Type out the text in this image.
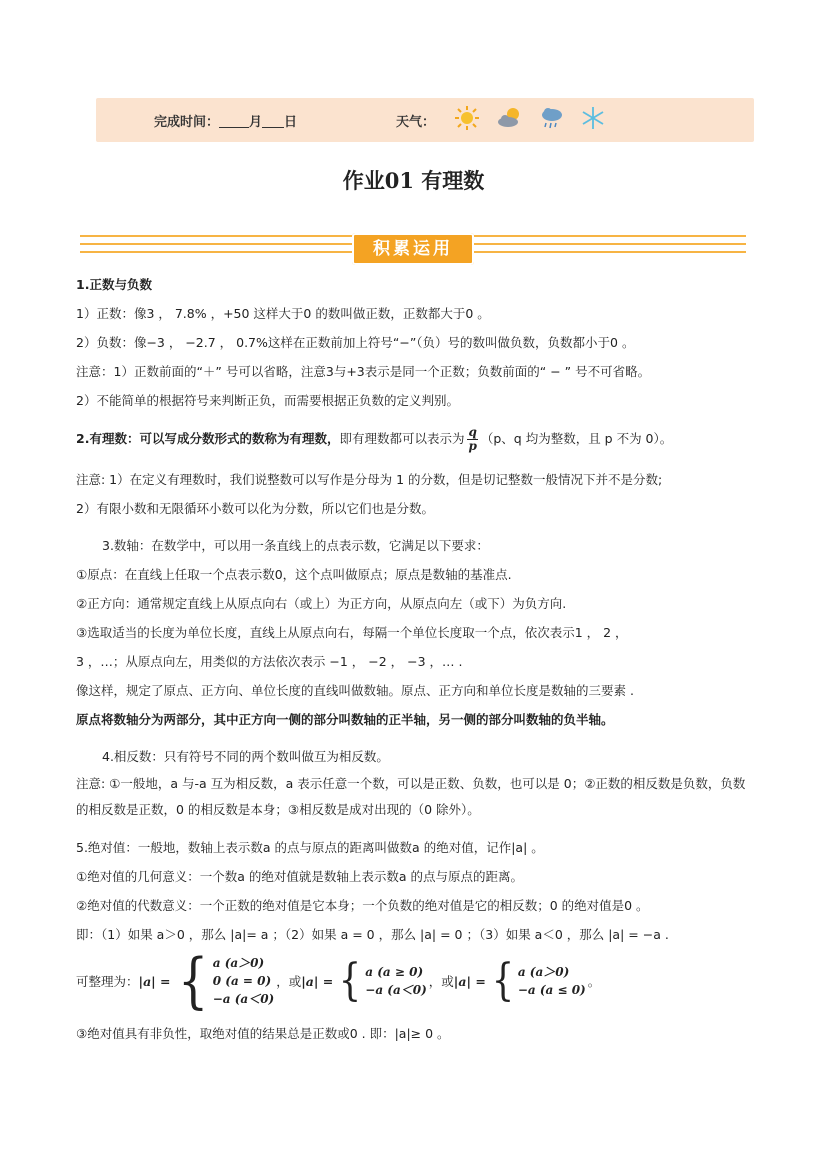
完成时间： 月 日	天气：
作业01 有理数
积累运用

1.正数与负数

1）正数：像3 ， 7.8% ，+50 这样大于0 的数叫做正数，正数都大于0 。

2）负数：像−3 ， −2.7 ， 0.7%这样在正数前加上符号“−”（负）号的数叫做负数，负数都小于0 。

注意：1）正数前面的“＋” 号可以省略，注意3与+3表示是同一个正数；负数前面的“ − ” 号不可省略。

2）不能简单的根据符号来判断正负，而需要根据正负数的定义判别。

2.有理数：可以写成分数形式的数称为有理数，即有理数都可以表示为 $\frac{q}{p} (p$、q 均为整数，且 p 不为 0）。

注意: 1）在定义有理数时，我们说整数可以写作是分母为 1 的分数，但是切记整数一般情况下并不是分数;

2）有限小数和无限循环小数可以化为分数，所以它们也是分数。

3.数轴：在数学中，可以用一条直线上的点表示数，它满足以下要求：

①原点：在直线上任取一个点表示数0，这个点叫做原点；原点是数轴的基准点.

②正方向：通常规定直线上从原点向右（或上）为正方向，从原点向左（或下）为负方向.

③选取适当的长度为单位长度，直线上从原点向右，每隔一个单位长度取一个点，依次表示1 ， 2 ，

3 ，…；从原点向左，用类似的方法依次表示 −1 ， −2 ， −3 ，… .

像这样，规定了原点、正方向、单位长度的直线叫做数轴。原点、正方向和单位长度是数轴的三要素 .

原点将数轴分为两部分，其中正方向一侧的部分叫数轴的正半轴，另一侧的部分叫数轴的负半轴。

4.相反数：只有符号不同的两个数叫做互为相反数。

注意: ①一般地，a 与-a 互为相反数，a 表示任意一个数，可以是正数、负数，也可以是 0；②正数的相反数是负数，负数的相反数是正数，0 的相反数是本身；③相反数是成对出现的（0 除外）。

5.绝对值：一般地，数轴上表示数a 的点与原点的距离叫做数a 的绝对值，记作|a| 。

①绝对值的几何意义：一个数a 的绝对值就是数轴上表示数a 的点与原点的距离。

②绝对值的代数意义：一个正数的绝对值是它本身；一个负数的绝对值是它的相反数；0 的绝对值是0 。

即：（1）如果 a＞0 ，那么 |a|= a ；（2）如果 a = 0 ，那么 |a| = 0 ；（3）如果 a＜0 ，那么 |a| = −a .

可整理为： |a| = { a (a＞0)
0 (a = 0)
−a (a＜0)
，或 |a| = { a (a ≥ 0)
−a (a＜0)
，或 |a| = { a (a＞0)
−a (a ≤ 0)
。

③绝对值具有非负性，取绝对值的结果总是正数或0 . 即：|a|≥ 0 。
